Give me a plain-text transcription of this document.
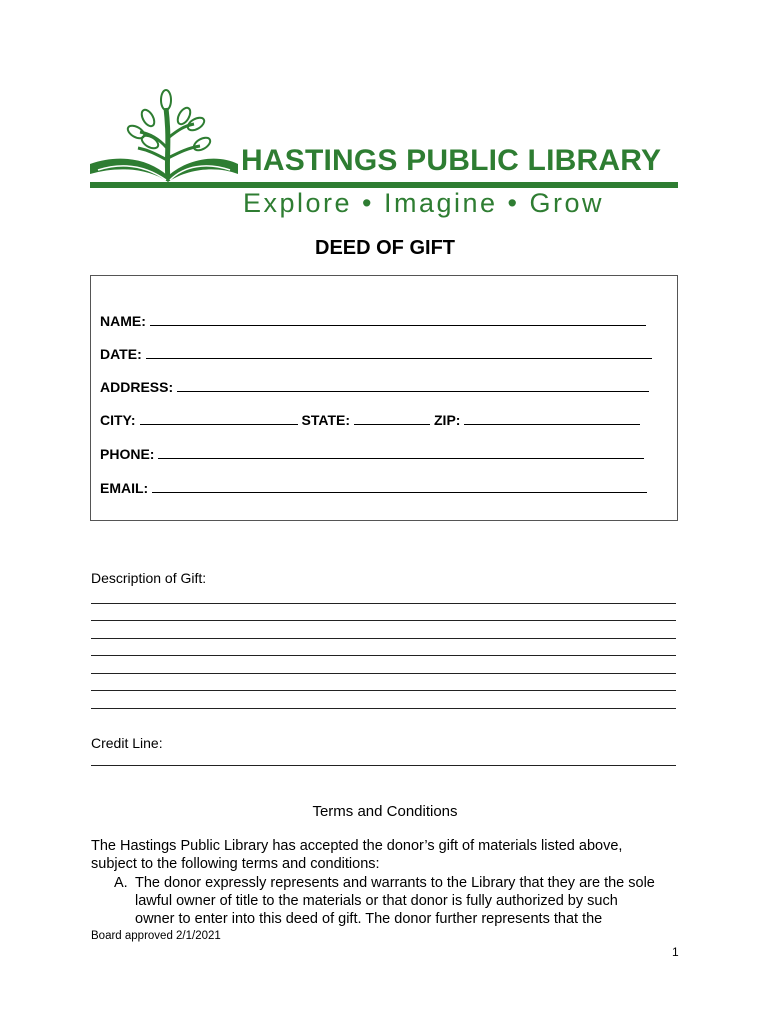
HASTINGS PUBLIC LIBRARY
Explore • Imagine • Grow
DEED OF GIFT
NAME:
DATE:
ADDRESS:
CITY:	STATE:	ZIP:
PHONE:
EMAIL:
Description of Gift:
Credit Line:
Terms and Conditions
The Hastings Public Library has accepted the donor’s gift of materials listed above,
subject to the following terms and conditions:
A. The donor expressly represents and warrants to the Library that they are the sole
lawful owner of title to the materials or that donor is fully authorized by such
owner to enter into this deed of gift. The donor further represents that the
Board approved 2/1/2021
1
